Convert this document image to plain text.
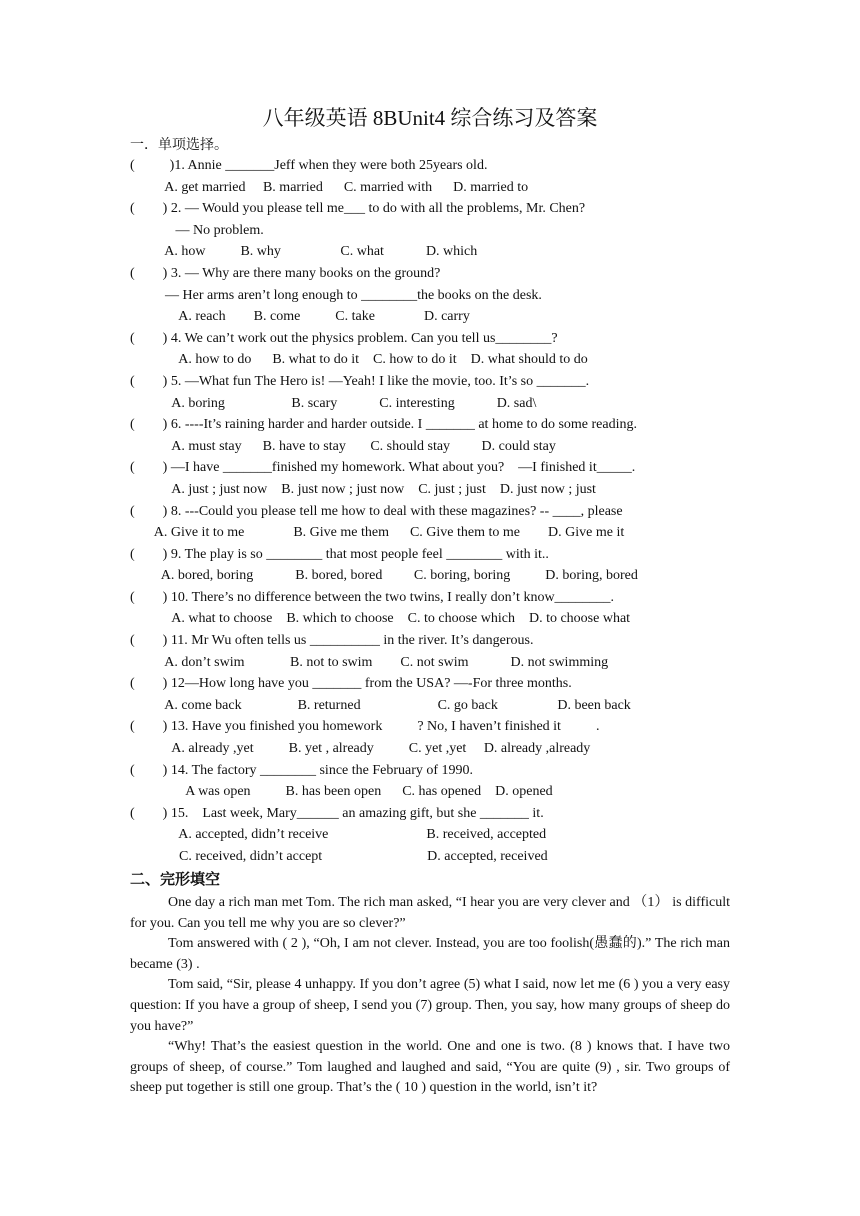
八年级英语 8BUnit4 综合练习及答案
一．单项选择。
(          )1. Annie _______Jeff when they were both 25years old.
A. get married     B. married      C. married with      D. married to
(        ) 2. — Would you please tell me___ to do with all the problems, Mr. Chen?
— No problem.
A. how          B. why                 C. what            D. which
(        ) 3. — Why are there many books on the ground?
— Her arms aren’t long enough to ________the books on the desk.
A. reach        B. come          C. take              D. carry
(        ) 4. We can’t work out the physics problem. Can you tell us________?
A. how to do      B. what to do it    C. how to do it    D. what should to do
(        ) 5. —What fun The Hero is! —Yeah! I like the movie, too. It’s so _______.
A. boring                   B. scary            C. interesting            D. sad\
(        ) 6. ----It’s raining harder and harder outside. I _______ at home to do some reading.
A. must stay      B. have to stay       C. should stay         D. could stay
(        ) —I have _______finished my homework. What about you?    —I finished it_____.
A. just ; just now    B. just now ; just now    C. just ; just    D. just now ; just
(        ) 8. ---Could you please tell me how to deal with these magazines? -- ____, please
A. Give it to me              B. Give me them      C. Give them to me        D. Give me it
(        ) 9. The play is so ________ that most people feel ________ with it..
A. bored, boring            B. bored, bored         C. boring, boring          D. boring, bored
(        ) 10. There’s no difference between the two twins, I really don’t know________.
A. what to choose    B. which to choose    C. to choose which    D. to choose what
(        ) 11. Mr Wu often tells us __________ in the river. It’s dangerous.
A. don’t swim             B. not to swim        C. not swim            D. not swimming
(        ) 12—How long have you _______ from the USA? —-For three months.
A. come back                B. returned                      C. go back                 D. been back
(        ) 13. Have you finished you homework          ? No, I haven’t finished it          .
A. already ,yet          B. yet , already          C. yet ,yet     D. already ,already
(        ) 14. The factory ________ since the February of 1990.
A was open          B. has been open      C. has opened    D. opened
(        ) 15.    Last week, Mary______ an amazing gift, but she _______ it.
A. accepted, didn’t receive                            B. received, accepted
C. received, didn’t accept                              D. accepted, received
二、完形填空

One day a rich man met Tom. The rich man asked, “I hear you are very clever and （1） is difficult for you. Can you tell me why you are so clever?”

Tom answered with ( 2 ), “Oh, I am not clever. Instead, you are too foolish(愚蠢的).” The rich man became (3) .

Tom said, “Sir, please 4 unhappy. If you don’t agree (5) what I said, now let me (6 ) you a very easy question: If you have a group of sheep, I send you (7) group. Then, you say, how many groups of sheep do you have?”

“Why! That’s the easiest question in the world. One and one is two. (8 ) knows that. I have two groups of sheep, of course.” Tom laughed and laughed and said, “You are quite (9) , sir. Two groups of sheep put together is still one group. That’s the ( 10 ) question in the world, isn’t it?
